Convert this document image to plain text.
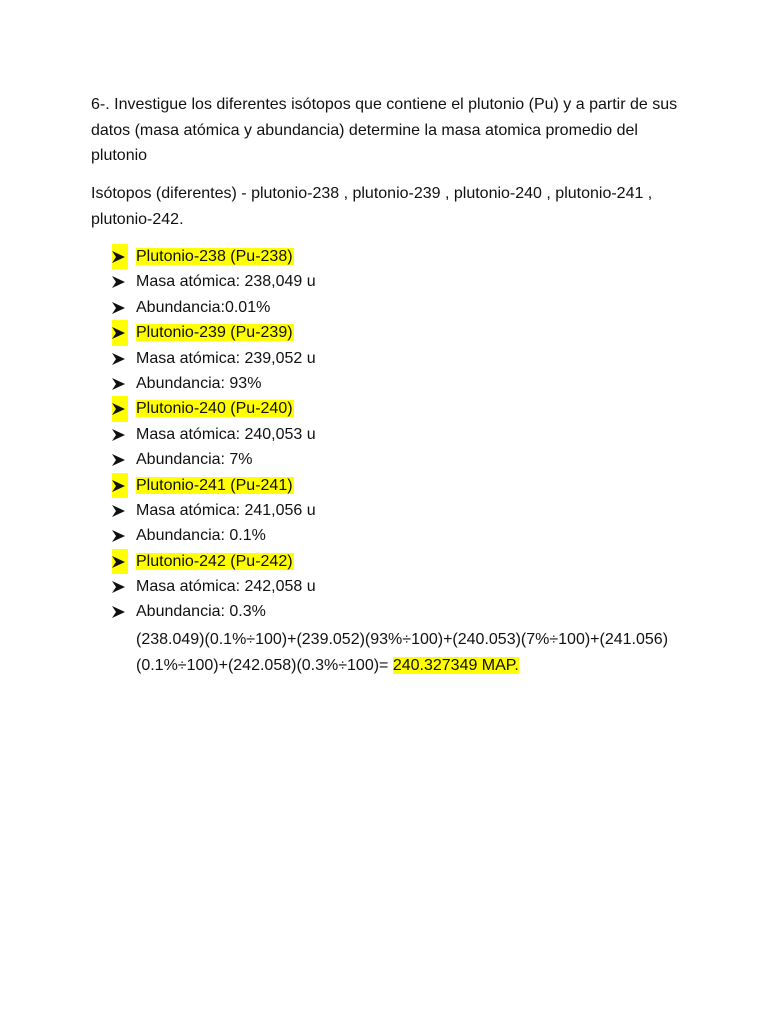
6-. Investigue los diferentes isótopos que contiene el plutonio (Pu) y a partir de sus datos (masa atómica y abundancia) determine la masa atomica promedio del plutonio

Isótopos (diferentes) - plutonio-238 , plutonio-239 , plutonio-240 , plutonio-241 , plutonio-242.

Plutonio-238 (Pu-238)
Masa atómica: 238,049 u
Abundancia:0.01%
Plutonio-239 (Pu-239)
Masa atómica: 239,052 u
Abundancia: 93%
Plutonio-240 (Pu-240)
Masa atómica: 240,053 u
Abundancia: 7%
Plutonio-241 (Pu-241)
Masa atómica: 241,056 u
Abundancia: 0.1%
Plutonio-242 (Pu-242)
Masa atómica: 242,058 u
Abundancia: 0.3%

(238.049)(0.1%÷100)+(239.052)(93%÷100)+(240.053)(7%÷100)+(241.056)
(0.1%÷100)+(242.058)(0.3%÷100)= 240.327349 MAP.
